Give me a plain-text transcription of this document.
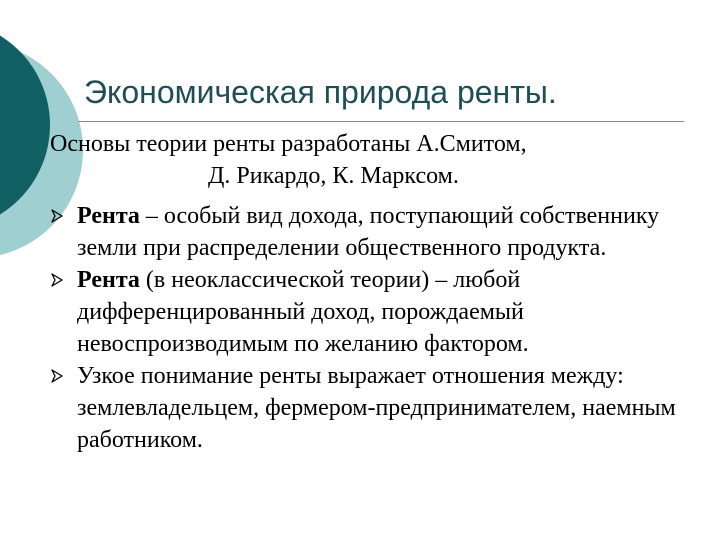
Экономическая природа ренты.

Основы теории ренты разработаны А.Смитом,
Д. Рикардо, К. Марксом.

Рента – особый вид дохода, поступающий собственнику земли при распределении общественного продукта.
Рента (в неоклассической теории) – любой дифференцированный доход, порождаемый невоспроизводимым по желанию фактором.
Узкое понимание ренты выражает отношения между: землевладельцем, фермером-предпринимателем, наемным работником.
